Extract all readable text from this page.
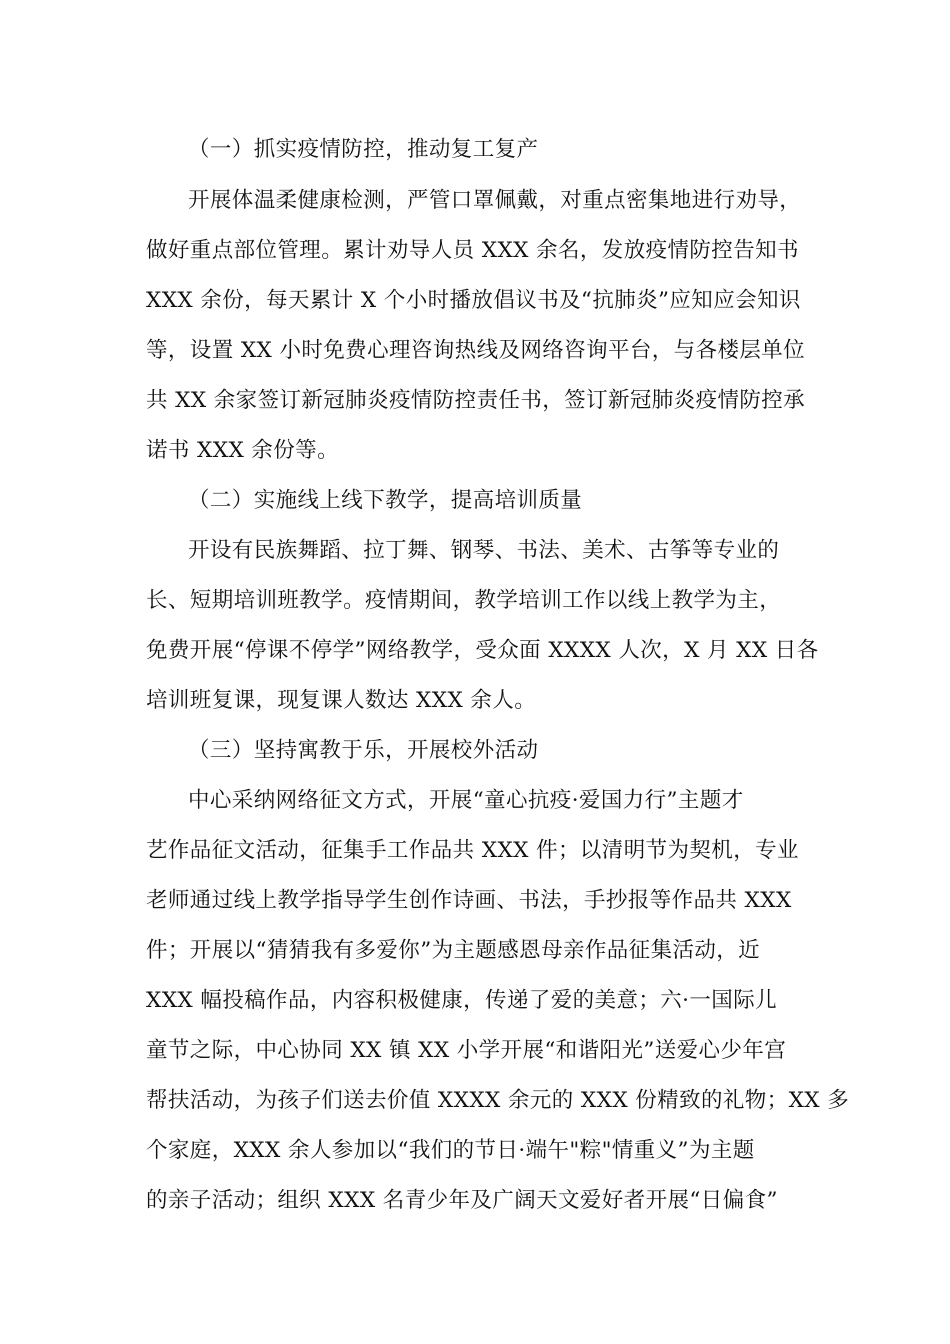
（一）抓实疫情防控，推动复工复产
开展体温柔健康检测，严管口罩佩戴，对重点密集地进行劝导，
做好重点部位管理。累计劝导人员 XXX 余名，发放疫情防控告知书
XXX 余份，每天累计 X 个小时播放倡议书及“抗肺炎”应知应会知识
等，设置 XX 小时免费心理咨询热线及网络咨询平台，与各楼层单位
共 XX 余家签订新冠肺炎疫情防控责任书，签订新冠肺炎疫情防控承
诺书 XXX 余份等。
（二）实施线上线下教学，提高培训质量
开设有民族舞蹈、拉丁舞、钢琴、书法、美术、古筝等专业的
长、短期培训班教学。疫情期间，教学培训工作以线上教学为主，
免费开展“停课不停学”网络教学，受众面 XXXX 人次，X 月 XX 日各
培训班复课，现复课人数达 XXX 余人。
（三）坚持寓教于乐，开展校外活动
中心采纳网络征文方式，开展“童心抗疫·爱国力行”主题才
艺作品征文活动，征集手工作品共 XXX 件；以清明节为契机，专业
老师通过线上教学指导学生创作诗画、书法，手抄报等作品共 XXX
件；开展以“猜猜我有多爱你”为主题感恩母亲作品征集活动，近
XXX 幅投稿作品，内容积极健康，传递了爱的美意；六·一国际儿
童节之际，中心协同 XX 镇 XX 小学开展“和谐阳光”送爱心少年宫
帮扶活动，为孩子们送去价值 XXXX 余元的 XXX 份精致的礼物；XX 多
个家庭，XXX 余人参加以“我们的节日·端午"粽"情重义”为主题
的亲子活动；组织 XXX 名青少年及广阔天文爱好者开展“日偏食”
